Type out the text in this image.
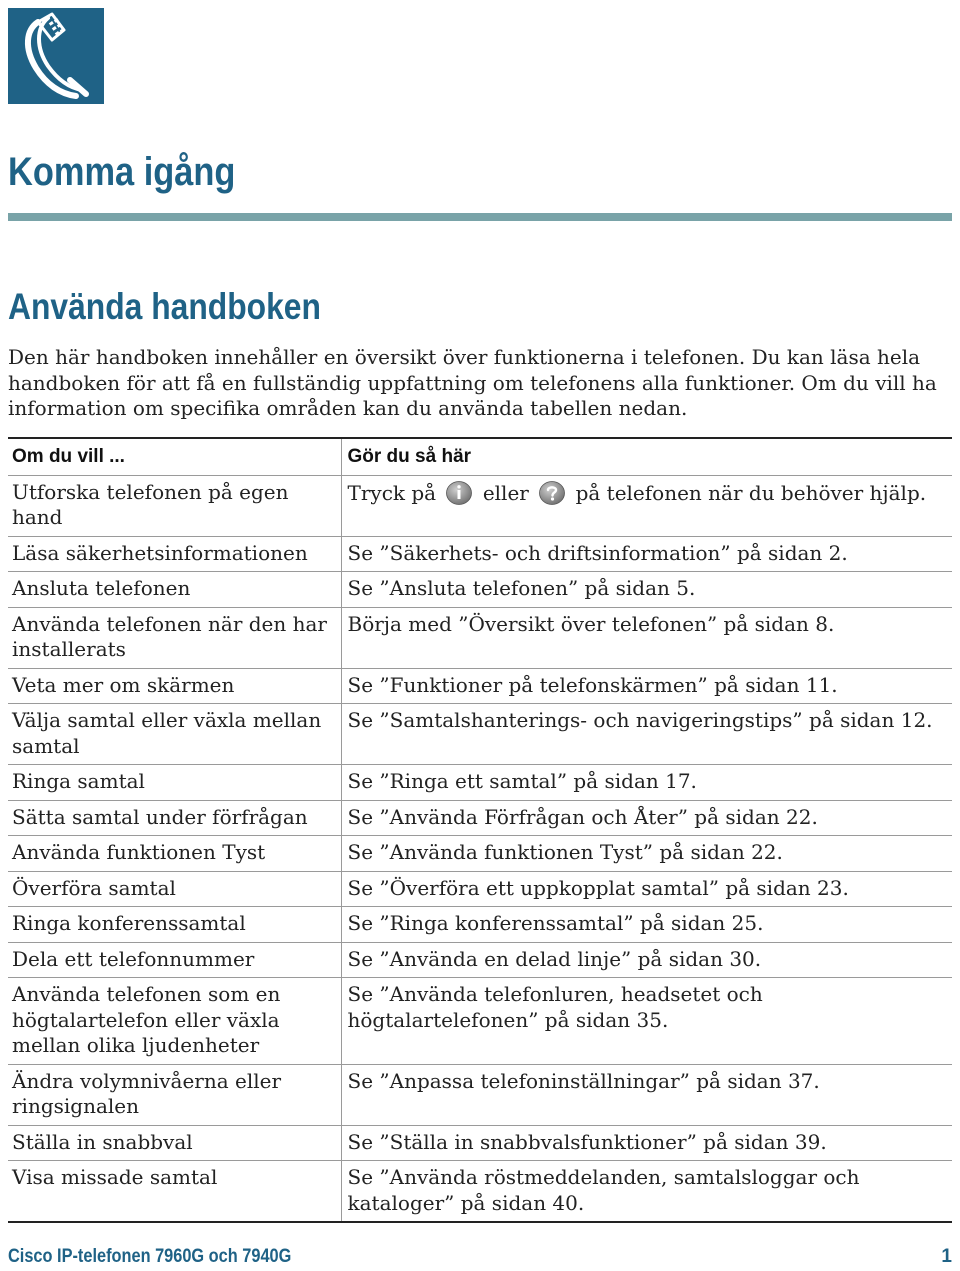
Komma igång
Använda handboken

Den här handboken innehåller en översikt över funktionerna i telefonen. Du kan läsa hela handboken för att få en fullständig uppfattning om telefonens alla funktioner. Om du vill ha information om specifika områden kan du använda tabellen nedan.

Om du vill ...	Gör du så här
Utforska telefonen på egen hand	Tryck på eller på telefonen när du behöver hjälp.
Läsa säkerhetsinformationen	Se ”Säkerhets- och driftsinformation” på sidan 2.
Ansluta telefonen	Se ”Ansluta telefonen” på sidan 5.
Använda telefonen när den har installerats	Börja med ”Översikt över telefonen” på sidan 8.
Veta mer om skärmen	Se ”Funktioner på telefonskärmen” på sidan 11.
Välja samtal eller växla mellan samtal	Se ”Samtalshanterings- och navigeringstips” på sidan 12.
Ringa samtal	Se ”Ringa ett samtal” på sidan 17.
Sätta samtal under förfrågan	Se ”Använda Förfrågan och Åter” på sidan 22.
Använda funktionen Tyst	Se ”Använda funktionen Tyst” på sidan 22.
Överföra samtal	Se ”Överföra ett uppkopplat samtal” på sidan 23.
Ringa konferenssamtal	Se ”Ringa konferenssamtal” på sidan 25.
Dela ett telefonnummer	Se ”Använda en delad linje” på sidan 30.
Använda telefonen som en högtalartelefon eller växla mellan olika ljudenheter	Se ”Använda telefonluren, headsetet och högtalartelefonen” på sidan 35.
Ändra volymnivåerna eller ringsignalen	Se ”Anpassa telefoninställningar” på sidan 37.
Ställa in snabbval	Se ”Ställa in snabbvalsfunktioner” på sidan 39.
Visa missade samtal	Se ”Använda röstmeddelanden, samtalsloggar och kataloger” på sidan 40.
Cisco IP-telefonen 7960G och 7940G	1
